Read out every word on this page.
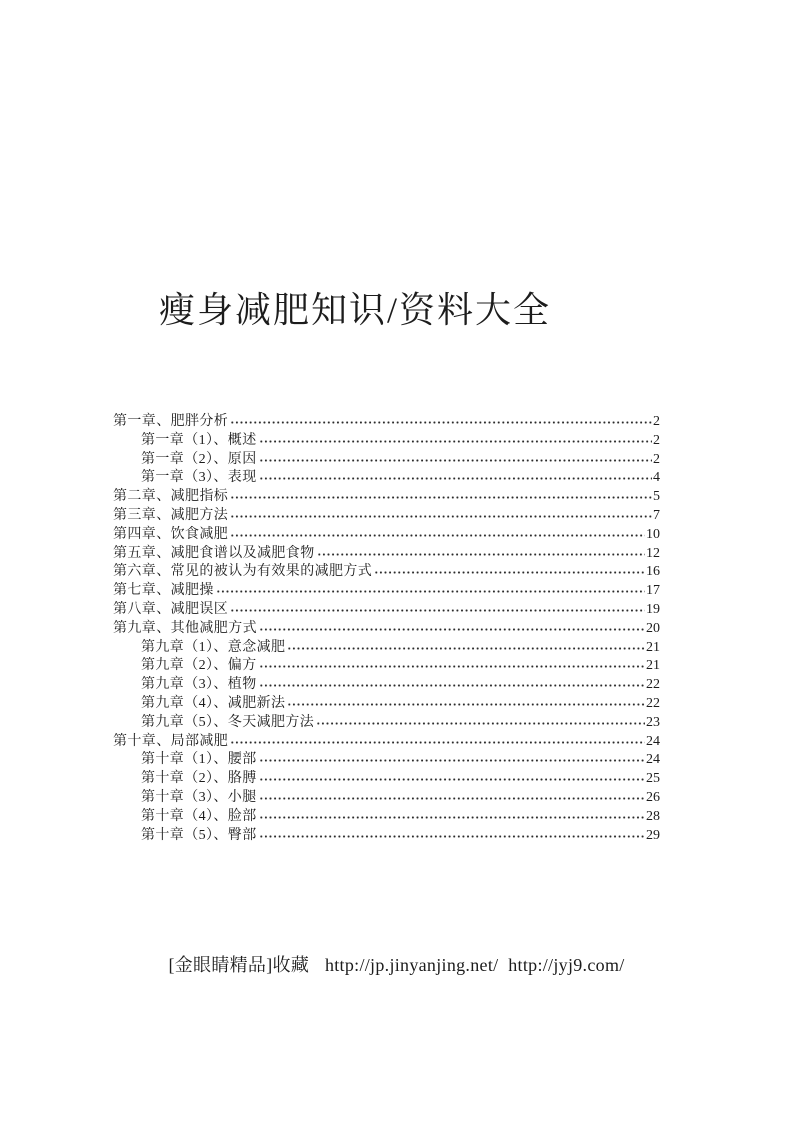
瘦身减肥知识/资料大全
第一章、肥胖分析	2
第一章（1）、概述	2
第一章（2）、原因	2
第一章（3）、表现	4
第二章、减肥指标	5
第三章、减肥方法	7
第四章、饮食减肥	10
第五章、减肥食谱以及减肥食物	12
第六章、常见的被认为有效果的减肥方式	16
第七章、减肥操	17
第八章、减肥误区	19
第九章、其他减肥方式	20
第九章（1）、意念减肥	21
第九章（2）、偏方	21
第九章（3）、植物	22
第九章（4）、减肥新法	22
第九章（5）、冬天减肥方法	23
第十章、局部减肥	24
第十章（1）、腰部	24
第十章（2）、胳膊	25
第十章（3）、小腿	26
第十章（4）、脸部	28
第十章（5）、臀部	29
[金眼睛精品]收藏 http://jp.jinyanjing.net/ http://jyj9.com/
